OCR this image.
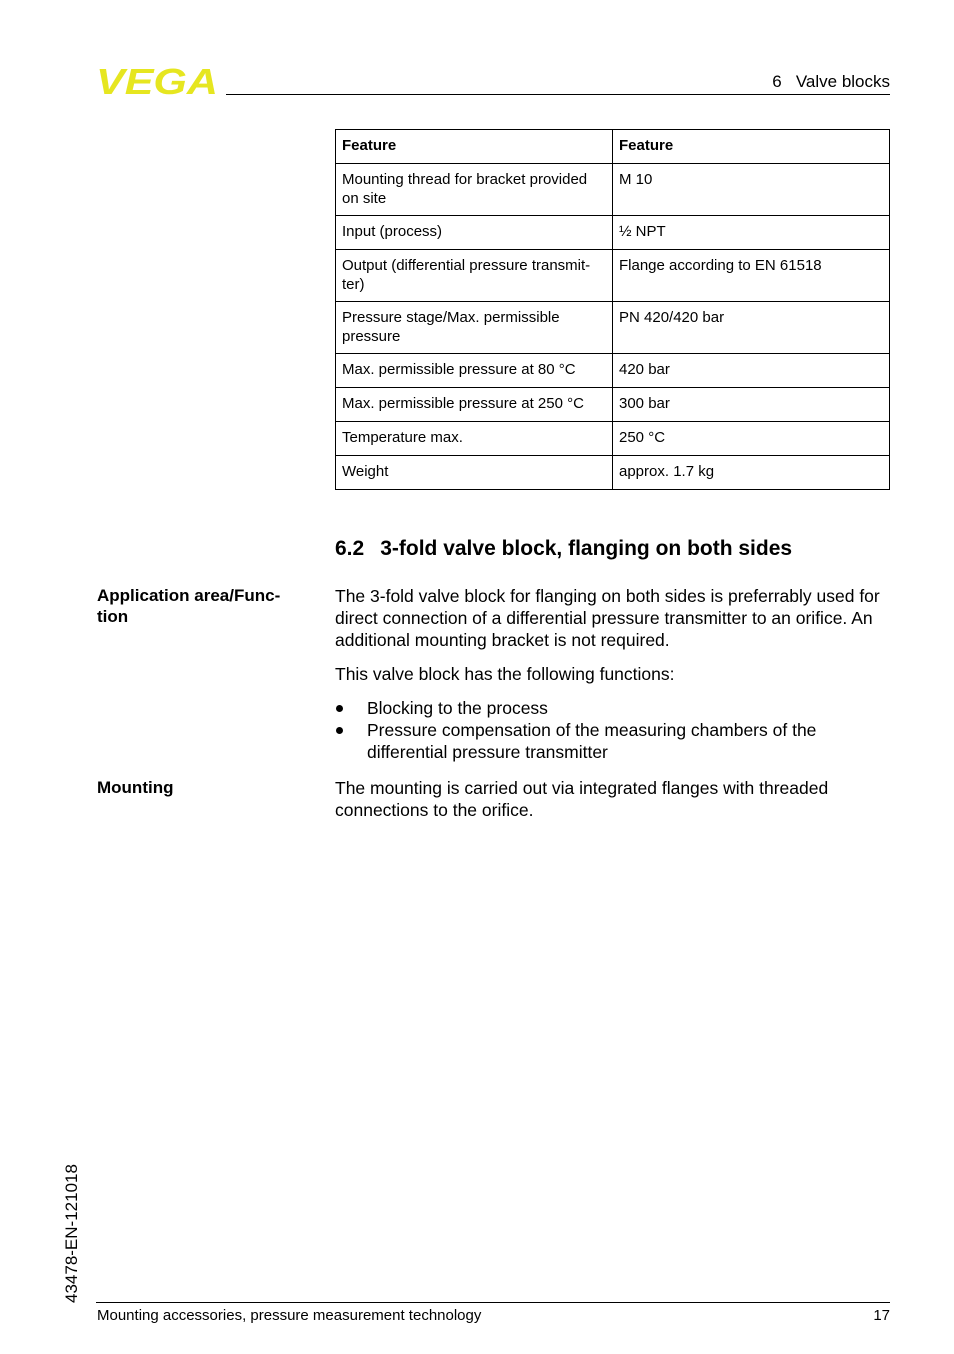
VEGA	6   Valve blocks
Feature	Feature
Mounting thread for bracket provided on site	M 10
Input (process)	½ NPT
Output (differential pressure transmit-ter)	Flange according to EN 61518
Pressure stage/Max. permissible pressure	PN 420/420 bar
Max. permissible pressure at 80 °C	420 bar
Max. permissible pressure at 250 °C	300 bar
Temperature max.	250 °C
Weight	approx. 1.7 kg
6.2 3-fold valve block, flanging on both sides
Application area/Func-
tion
The 3-fold valve block for flanging on both sides is preferrably used for direct connection of a differential pressure transmitter to an orifice. An additional mounting bracket is not required.
This valve block has the following functions:
Blocking to the process
Pressure compensation of the measuring chambers of the differential pressure transmitter
Mounting	The mounting is carried out via integrated flanges with threaded connections to the orifice.
43478-EN-121018
Mounting accessories, pressure measurement technology	17
